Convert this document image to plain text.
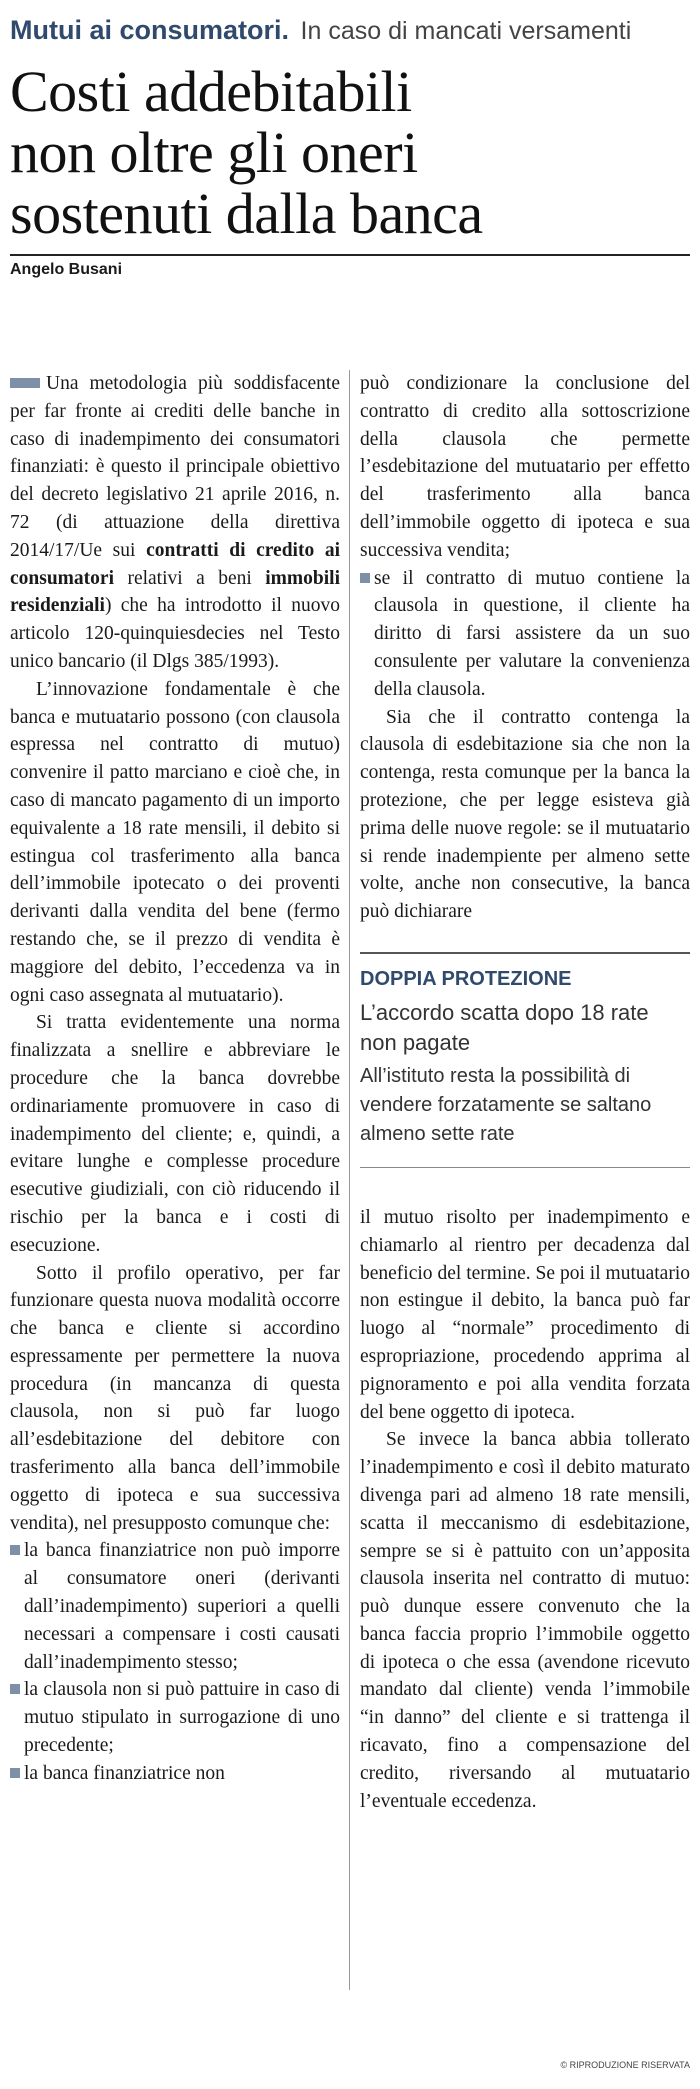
Mutui ai consumatori. In caso di mancati versamenti
Costi addebitabili
non oltre gli oneri
sostenuti dalla banca
Angelo Busani

Una metodologia più soddisfacente per far fronte ai crediti delle banche in caso di inadempimento dei consumatori finanziati: è questo il principale obiettivo del decreto legislativo 21 aprile 2016, n. 72 (di attuazione della direttiva 2014/17/Ue sui contratti di credito ai consumatori relativi a beni immobili residenziali) che ha introdotto il nuovo articolo 120-quinquiesdecies nel Testo unico bancario (il Dlgs 385/1993).

L’innovazione fondamentale è che banca e mutuatario possono (con clausola espressa nel contratto di mutuo) convenire il patto marciano e cioè che, in caso di mancato pagamento di un importo equivalente a 18 rate mensili, il debito si estingua col trasferimento alla banca dell’immobile ipotecato o dei proventi derivanti dalla vendita del bene (fermo restando che, se il prezzo di vendita è maggiore del debito, l’eccedenza va in ogni caso assegnata al mutuatario).

Si tratta evidentemente una norma finalizzata a snellire e abbreviare le procedure che la banca dovrebbe ordinariamente promuovere in caso di inadempimento del cliente; e, quindi, a evitare lunghe e complesse procedure esecutive giudiziali, con ciò riducendo il rischio per la banca e i costi di esecuzione.

Sotto il profilo operativo, per far funzionare questa nuova modalità occorre che banca e cliente si accordino espressamente per permettere la nuova procedura (in mancanza di questa clausola, non si può far luogo all’esdebitazione del debitore con trasferimento alla banca dell’immobile oggetto di ipoteca e sua successiva vendita), nel presupposto comunque che:

la banca finanziatrice non può imporre al consumatore oneri (derivanti dall’inadempimento) superiori a quelli necessari a compensare i costi causati dall’inadempimento stesso;

la clausola non si può pattuire in caso di mutuo stipulato in surrogazione di uno precedente;

la banca finanziatrice non

può condizionare la conclusione del contratto di credito alla sottoscrizione della clausola che permette l’esdebitazione del mutuatario per effetto del trasferimento alla banca dell’immobile oggetto di ipoteca e sua successiva vendita;

se il contratto di mutuo contiene la clausola in questione, il cliente ha diritto di farsi assistere da un suo consulente per valutare la convenienza della clausola.

Sia che il contratto contenga la clausola di esdebitazione sia che non la contenga, resta comunque per la banca la protezione, che per legge esisteva già prima delle nuove regole: se il mutuatario si rende inadempiente per almeno sette volte, anche non consecutive, la banca può dichiarare

DOPPIA PROTEZIONE
L’accordo scatta dopo 18 rate non pagate
All’istituto resta la possibilità di vendere forzatamente se saltano almeno sette rate

il mutuo risolto per inadempimento e chiamarlo al rientro per decadenza dal beneficio del termine. Se poi il mutuatario non estingue il debito, la banca può far luogo al “normale” procedimento di espropriazione, procedendo apprima al pignoramento e poi alla vendita forzata del bene oggetto di ipoteca.

Se invece la banca abbia tollerato l’inadempimento e così il debito maturato divenga pari ad almeno 18 rate mensili, scatta il meccanismo di esdebitazione, sempre se si è pattuito con un’apposita clausola inserita nel contratto di mutuo: può dunque essere convenuto che la banca faccia proprio l’immobile oggetto di ipoteca o che essa (avendone ricevuto mandato dal cliente) venda l’immobile “in danno” del cliente e si trattenga il ricavato, fino a compensazione del credito, riversando al mutuatario l’eventuale eccedenza.

© RIPRODUZIONE RISERVATA
